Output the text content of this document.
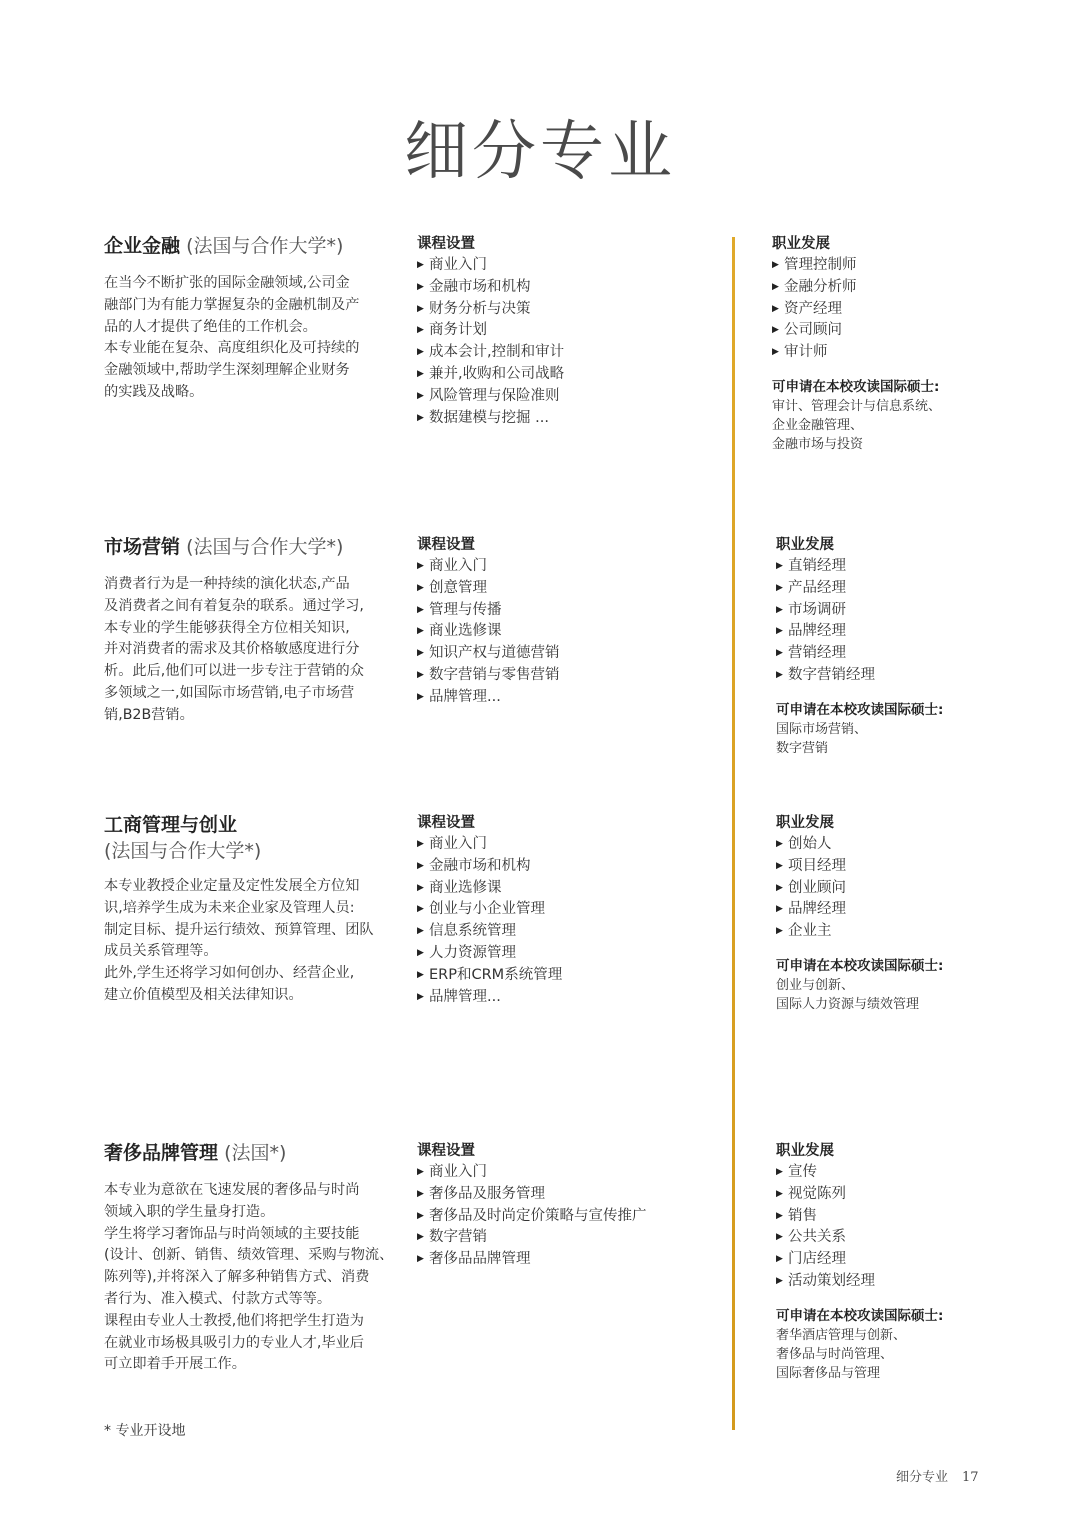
细分专业
企业金融 (法国与合作大学*)
在当今不断扩张的国际金融领域,公司金
融部门为有能力掌握复杂的金融机制及产
品的人才提供了绝佳的工作机会。
本专业能在复杂、高度组织化及可持续的
金融领域中,帮助学生深刻理解企业财务
的实践及战略。
课程设置
▶ 商业入门
▶ 金融市场和机构
▶ 财务分析与决策
▶ 商务计划
▶ 成本会计,控制和审计
▶ 兼并,收购和公司战略
▶ 风险管理与保险准则
▶ 数据建模与挖掘 ...
职业发展
▶ 管理控制师
▶ 金融分析师
▶ 资产经理
▶ 公司顾问
▶ 审计师
可申请在本校攻读国际硕士:
审计、管理会计与信息系统、
企业金融管理、
金融市场与投资
市场营销 (法国与合作大学*)
消费者行为是一种持续的演化状态,产品
及消费者之间有着复杂的联系。通过学习,
本专业的学生能够获得全方位相关知识,
并对消费者的需求及其价格敏感度进行分
析。此后,他们可以进一步专注于营销的众
多领域之一,如国际市场营销,电子市场营
销,B2B营销。
课程设置
▶ 商业入门
▶ 创意管理
▶ 管理与传播
▶ 商业选修课
▶ 知识产权与道德营销
▶ 数字营销与零售营销
▶ 品牌管理...
职业发展
▶ 直销经理
▶ 产品经理
▶ 市场调研
▶ 品牌经理
▶ 营销经理
▶ 数字营销经理
可申请在本校攻读国际硕士:
国际市场营销、
数字营销
工商管理与创业
(法国与合作大学*)
本专业教授企业定量及定性发展全方位知
识,培养学生成为未来企业家及管理人员:
制定目标、提升运行绩效、预算管理、团队
成员关系管理等。
此外,学生还将学习如何创办、经营企业,
建立价值模型及相关法律知识。
课程设置
▶ 商业入门
▶ 金融市场和机构
▶ 商业选修课
▶ 创业与小企业管理
▶ 信息系统管理
▶ 人力资源管理
▶ ERP和CRM系统管理
▶ 品牌管理...
职业发展
▶ 创始人
▶ 项目经理
▶ 创业顾问
▶ 品牌经理
▶ 企业主
可申请在本校攻读国际硕士:
创业与创新、
国际人力资源与绩效管理
奢侈品牌管理 (法国*)
本专业为意欲在飞速发展的奢侈品与时尚
领域入职的学生量身打造。
学生将学习奢饰品与时尚领域的主要技能
(设计、创新、销售、绩效管理、采购与物流、
陈列等),并将深入了解多种销售方式、消费
者行为、准入模式、付款方式等等。
课程由专业人士教授,他们将把学生打造为
在就业市场极具吸引力的专业人才,毕业后
可立即着手开展工作。
课程设置
▶ 商业入门
▶ 奢侈品及服务管理
▶ 奢侈品及时尚定价策略与宣传推广
▶ 数字营销
▶ 奢侈品品牌管理
职业发展
▶ 宣传
▶ 视觉陈列
▶ 销售
▶ 公共关系
▶ 门店经理
▶ 活动策划经理
可申请在本校攻读国际硕士:
奢华酒店管理与创新、
奢侈品与时尚管理、
国际奢侈品与管理
* 专业开设地
细分专业 17
